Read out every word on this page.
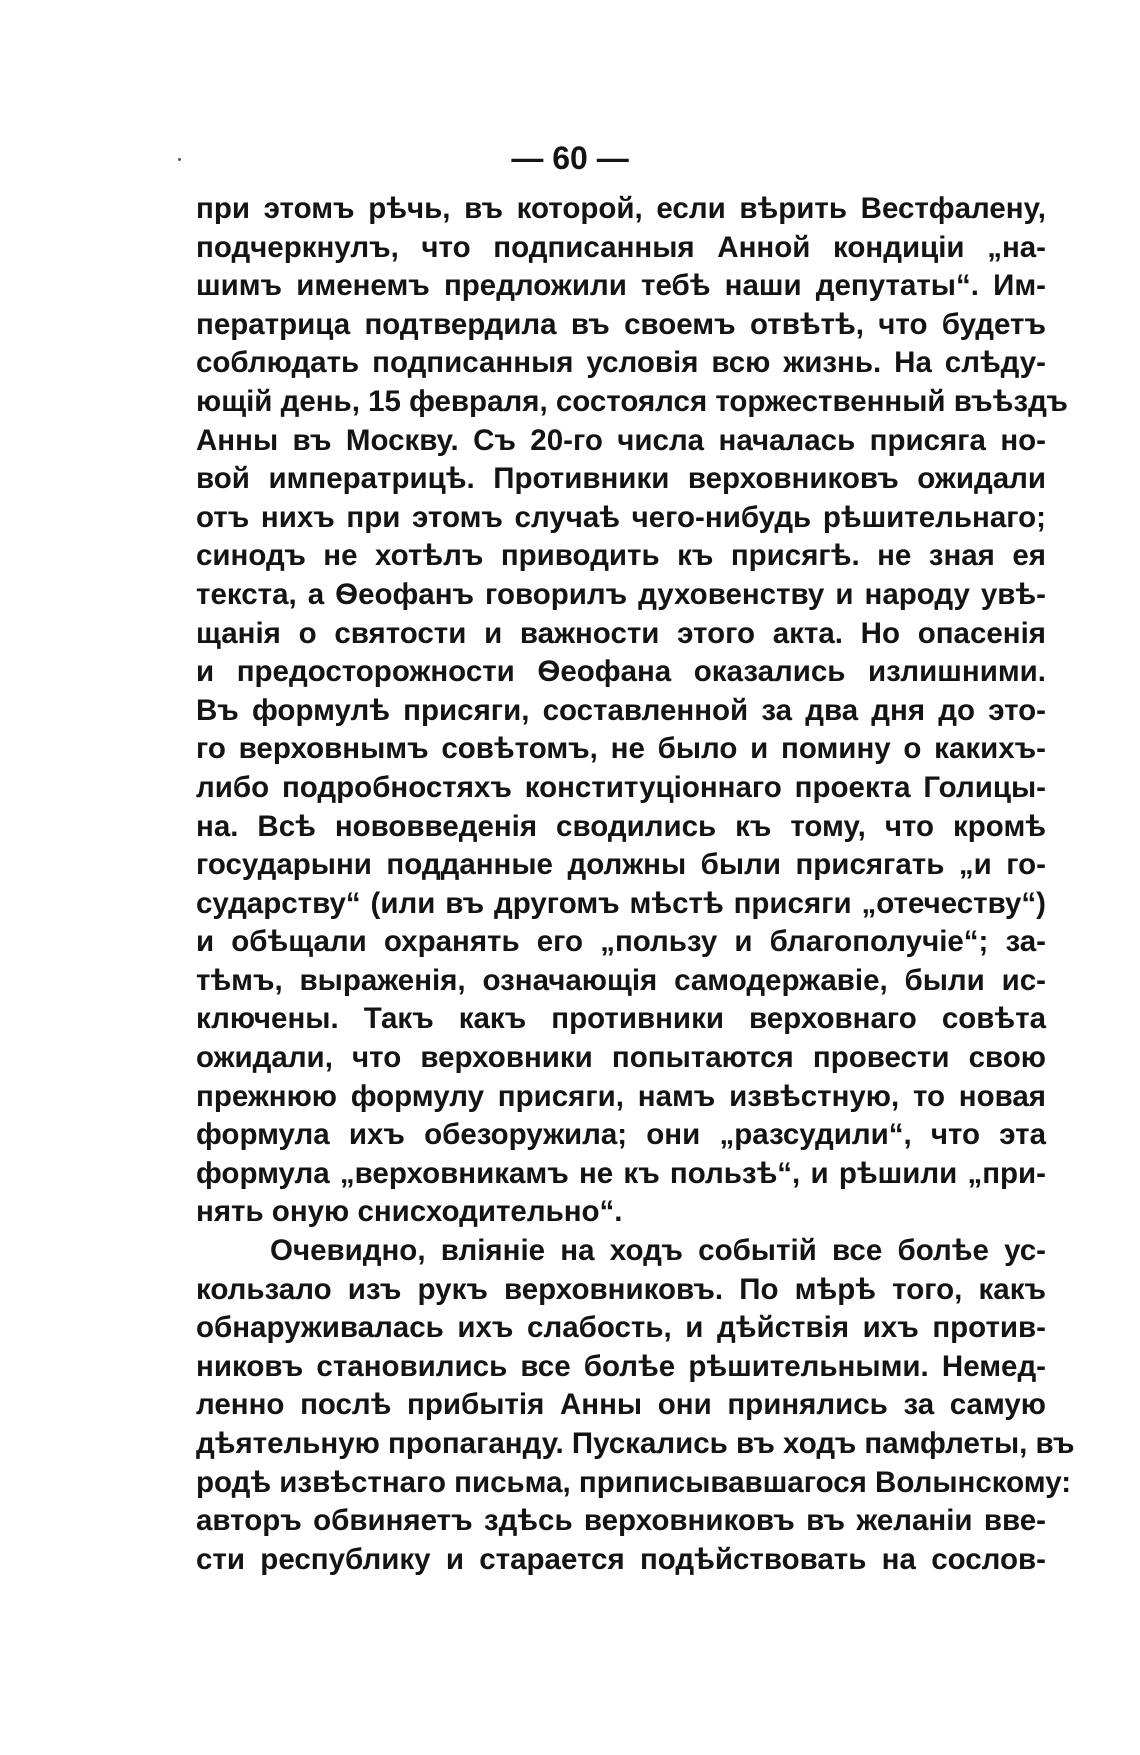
— 60 —
при этомъ рѣчь, въ которой, если вѣрить Вестфалену,
подчеркнулъ, что подписанныя Анной кондиціи „на-
шимъ именемъ предложили тебѣ наши депутаты“. Им-
ператрица подтвердила въ своемъ отвѣтѣ, что будетъ
соблюдать подписанныя условія всю жизнь. На слѣду-
ющій день, 15 февраля, состоялся торжественный въѣздъ
Анны въ Москву. Съ 20-го числа началась присяга но-
вой императрицѣ. Противники верховниковъ ожидали
отъ нихъ при этомъ случаѣ чего-нибудь рѣшительнаго;
синодъ не хотѣлъ приводить къ присягѣ. не зная ея
текста, а Ѳеофанъ говорилъ духовенству и народу увѣ-
щанія о святости и важности этого акта. Но опасенія
и предосторожности Ѳеофана оказались излишними.
Въ формулѣ присяги, составленной за два дня до это-
го верховнымъ совѣтомъ, не было и помину о какихъ-
либо подробностяхъ конституціоннаго проекта Голицы-
на. Всѣ нововведенія сводились къ тому, что кромѣ
государыни подданные должны были присягать „и го-
сударству“ (или въ другомъ мѣстѣ присяги „отечеству“)
и обѣщали охранять его „пользу и благополучіе“; за-
тѣмъ, выраженія, означающія самодержавіе, были ис-
ключены. Такъ какъ противники верховнаго совѣта
ожидали, что верховники попытаются провести свою
прежнюю формулу присяги, намъ извѣстную, то новая
формула ихъ обезоружила; они „разсудили“, что эта
формула „верховникамъ не къ пользѣ“, и рѣшили „при-
нять оную снисходительно“.
Очевидно, вліяніе на ходъ событій все болѣе ус-
кользало изъ рукъ верховниковъ. По мѣрѣ того, какъ
обнаруживалась ихъ слабость, и дѣйствія ихъ против-
никовъ становились все болѣе рѣшительными. Немед-
ленно послѣ прибытія Анны они принялись за самую
дѣятельную пропаганду. Пускались въ ходъ памфлеты, въ
родѣ извѣстнаго письма, приписывавшагося Волынскому:
авторъ обвиняетъ здѣсь верховниковъ въ желаніи вве-
сти республику и старается подѣйствовать на сослов-
